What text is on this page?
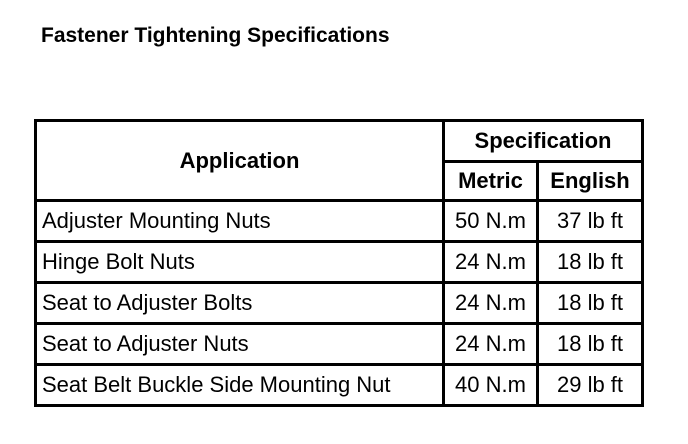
Fastener Tightening Specifications
Application	Specification	
	Metric	English
Adjuster Mounting Nuts	50 N.m	37 lb ft
Hinge Bolt Nuts	24 N.m	18 lb ft
Seat to Adjuster Bolts	24 N.m	18 lb ft
Seat to Adjuster Nuts	24 N.m	18 lb ft
Seat Belt Buckle Side Mounting Nut	40 N.m	29 lb ft
